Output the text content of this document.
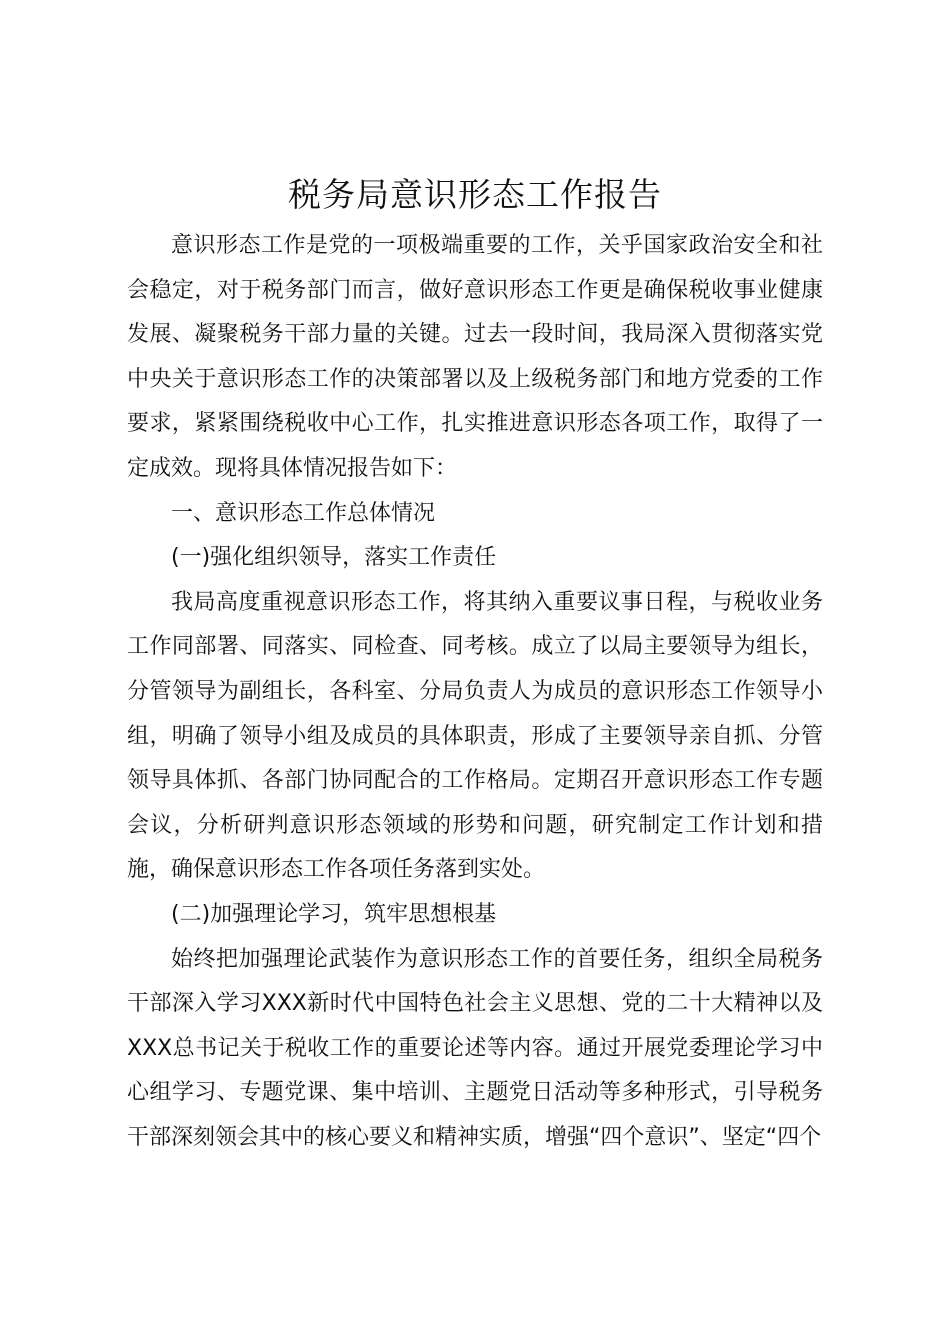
税务局意识形态工作报告

意识形态工作是党的一项极端重要的工作，关乎国家政治安全和社会稳定，对于税务部门而言，做好意识形态工作更是确保税收事业健康发展、凝聚税务干部力量的关键。过去一段时间，我局深入贯彻落实党中央关于意识形态工作的决策部署以及上级税务部门和地方党委的工作要求，紧紧围绕税收中心工作，扎实推进意识形态各项工作，取得了一定成效。现将具体情况报告如下：

一、意识形态工作总体情况

(一)强化组织领导，落实工作责任

我局高度重视意识形态工作，将其纳入重要议事日程，与税收业务工作同部署、同落实、同检查、同考核。成立了以局主要领导为组长，分管领导为副组长，各科室、分局负责人为成员的意识形态工作领导小组，明确了领导小组及成员的具体职责，形成了主要领导亲自抓、分管领导具体抓、各部门协同配合的工作格局。定期召开意识形态工作专题会议，分析研判意识形态领域的形势和问题，研究制定工作计划和措施，确保意识形态工作各项任务落到实处。

(二)加强理论学习，筑牢思想根基

始终把加强理论武装作为意识形态工作的首要任务，组织全局税务干部深入学习XXX新时代中国特色社会主义思想、党的二十大精神以及XXX总书记关于税收工作的重要论述等内容。通过开展党委理论学习中心组学习、专题党课、集中培训、主题党日活动等多种形式，引导税务干部深刻领会其中的核心要义和精神实质，增强“四个意识”、坚定“四个
